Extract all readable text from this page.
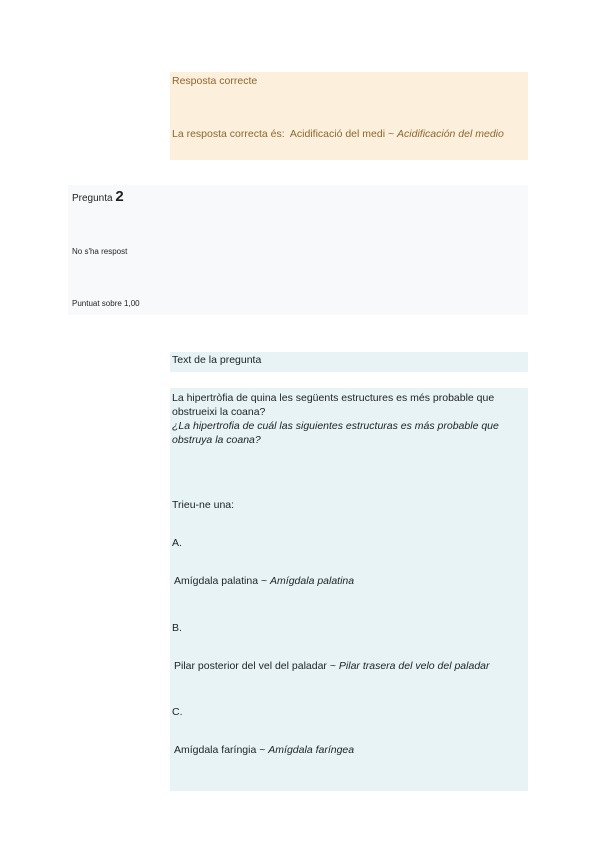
Resposta correcte
La resposta correcta és: Acidificació del medi ~ Acidificación del medio
Pregunta 2
No s'ha respost
Puntuat sobre 1,00
Text de la pregunta
La hipertròfia de quina les següents estructures es més probable que obstrueixi la coana?
¿La hipertrofia de cuál las siguientes estructuras es más probable que obstruya la coana?
Trieu-ne una:
A.
Amígdala palatina ~ Amígdala palatina
B.
Pilar posterior del vel del paladar ~ Pilar trasera del velo del paladar
C.
Amígdala faríngia ~ Amígdala faríngea
